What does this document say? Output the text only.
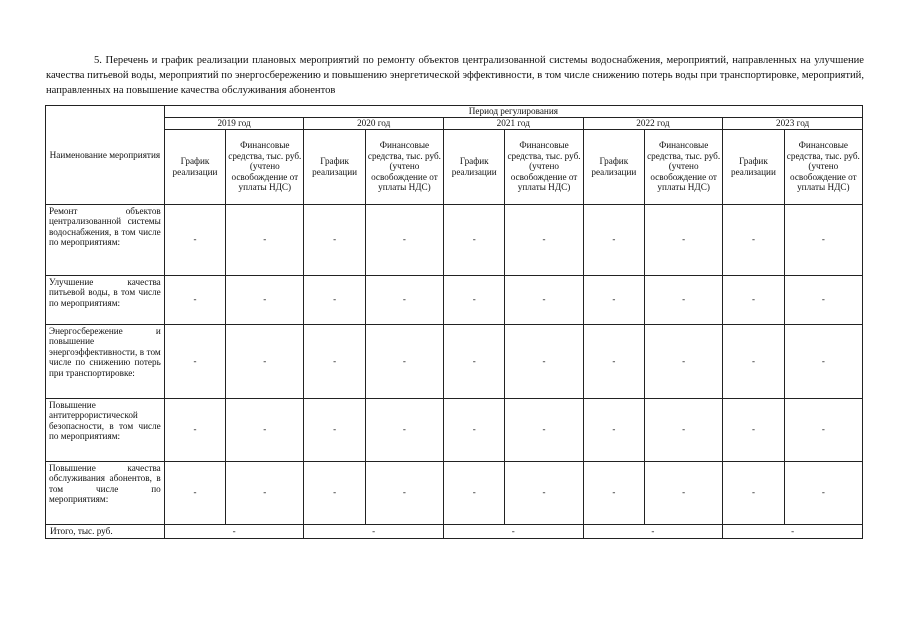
5. Перечень и график реализации плановых мероприятий по ремонту объектов централизованной системы водоснабжения, мероприятий, направленных на улучшение качества питьевой воды, мероприятий по энергосбережению и повышению энергетической эффективности, в том числе снижению потерь воды при транспортировке, мероприятий, направленных на повышение качества обслуживания абонентов

Наименование мероприятия	Период регулирования									
	2019 год		2020 год		2021 год		2022 год		2023 год	
	График реализации	Финансовые средства, тыс. руб. (учтено освобождение от уплаты НДС)	График реализации	Финансовые средства, тыс. руб. (учтено освобождение от уплаты НДС)	График реализации	Финансовые средства, тыс. руб. (учтено освобождение от уплаты НДС)	График реализации	Финансовые средства, тыс. руб. (учтено освобождение от уплаты НДС)	График реализации	Финансовые средства, тыс. руб. (учтено освобождение от уплаты НДС)
Ремонт объектов централизованной системы водоснабжения, в том числе по мероприятиям:	-	-	-	-	-	-	-	-	-	-
Улучшение качества питьевой воды, в том числе по мероприятиям:	-	-	-	-	-	-	-	-	-	-
Энергосбережение и повышение энергоэффективности, в том числе по снижению потерь при транспортировке:	-	-	-	-	-	-	-	-	-	-
Повышение антитеррористической безопасности, в том числе по мероприятиям:	-	-	-	-	-	-	-	-	-	-
Повышение качества обслуживания абонентов, в том числе по мероприятиям:	-	-	-	-	-	-	-	-	-	-
Итого, тыс. руб.	-		-		-		-		-	
